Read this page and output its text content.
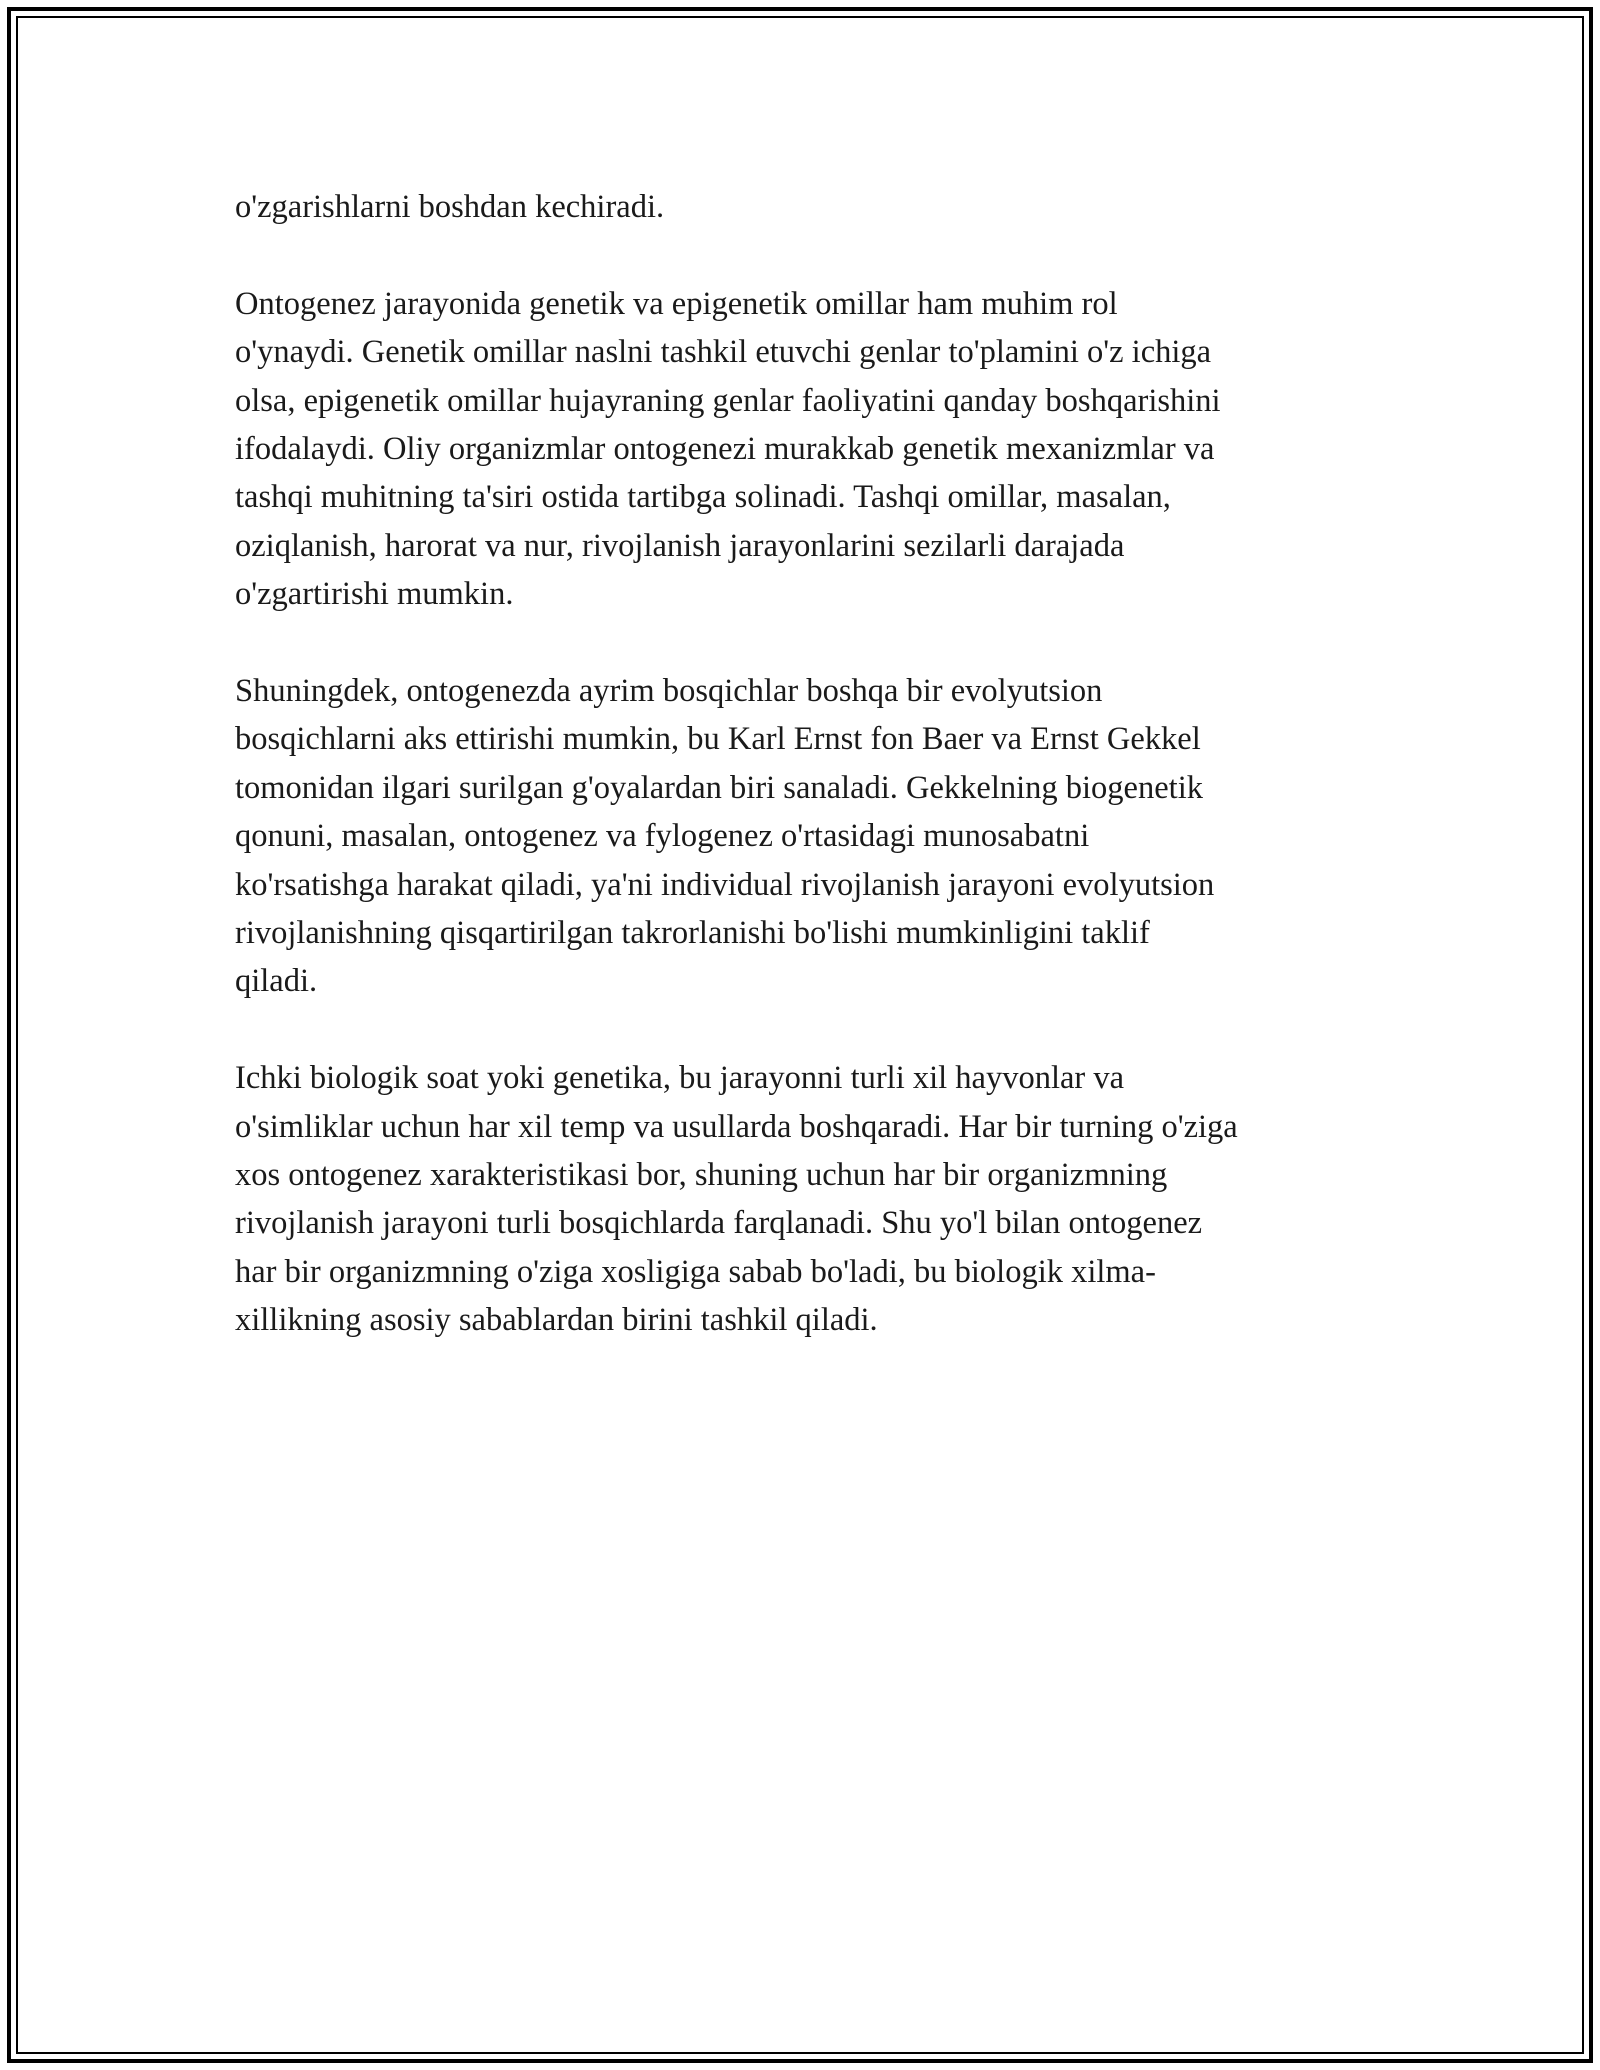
o'zgarishlarni boshdan kechiradi.

Ontogenez jarayonida genetik va epigenetik omillar ham muhim rol
o'ynaydi. Genetik omillar naslni tashkil etuvchi genlar to'plamini o'z ichiga
olsa, epigenetik omillar hujayraning genlar faoliyatini qanday boshqarishini
ifodalaydi. Oliy organizmlar ontogenezi murakkab genetik mexanizmlar va
tashqi muhitning ta'siri ostida tartibga solinadi. Tashqi omillar, masalan,
oziqlanish, harorat va nur, rivojlanish jarayonlarini sezilarli darajada
o'zgartirishi mumkin.

Shuningdek, ontogenezda ayrim bosqichlar boshqa bir evolyutsion
bosqichlarni aks ettirishi mumkin, bu Karl Ernst fon Baer va Ernst Gekkel
tomonidan ilgari surilgan g'oyalardan biri sanaladi. Gekkelning biogenetik
qonuni, masalan, ontogenez va fylogenez o'rtasidagi munosabatni
ko'rsatishga harakat qiladi, ya'ni individual rivojlanish jarayoni evolyutsion
rivojlanishning qisqartirilgan takrorlanishi bo'lishi mumkinligini taklif
qiladi.

Ichki biologik soat yoki genetika, bu jarayonni turli xil hayvonlar va
o'simliklar uchun har xil temp va usullarda boshqaradi. Har bir turning o'ziga
xos ontogenez xarakteristikasi bor, shuning uchun har bir organizmning
rivojlanish jarayoni turli bosqichlarda farqlanadi. Shu yo'l bilan ontogenez
har bir organizmning o'ziga xosligiga sabab bo'ladi, bu biologik xilma-
xillikning asosiy sabablardan birini tashkil qiladi.
